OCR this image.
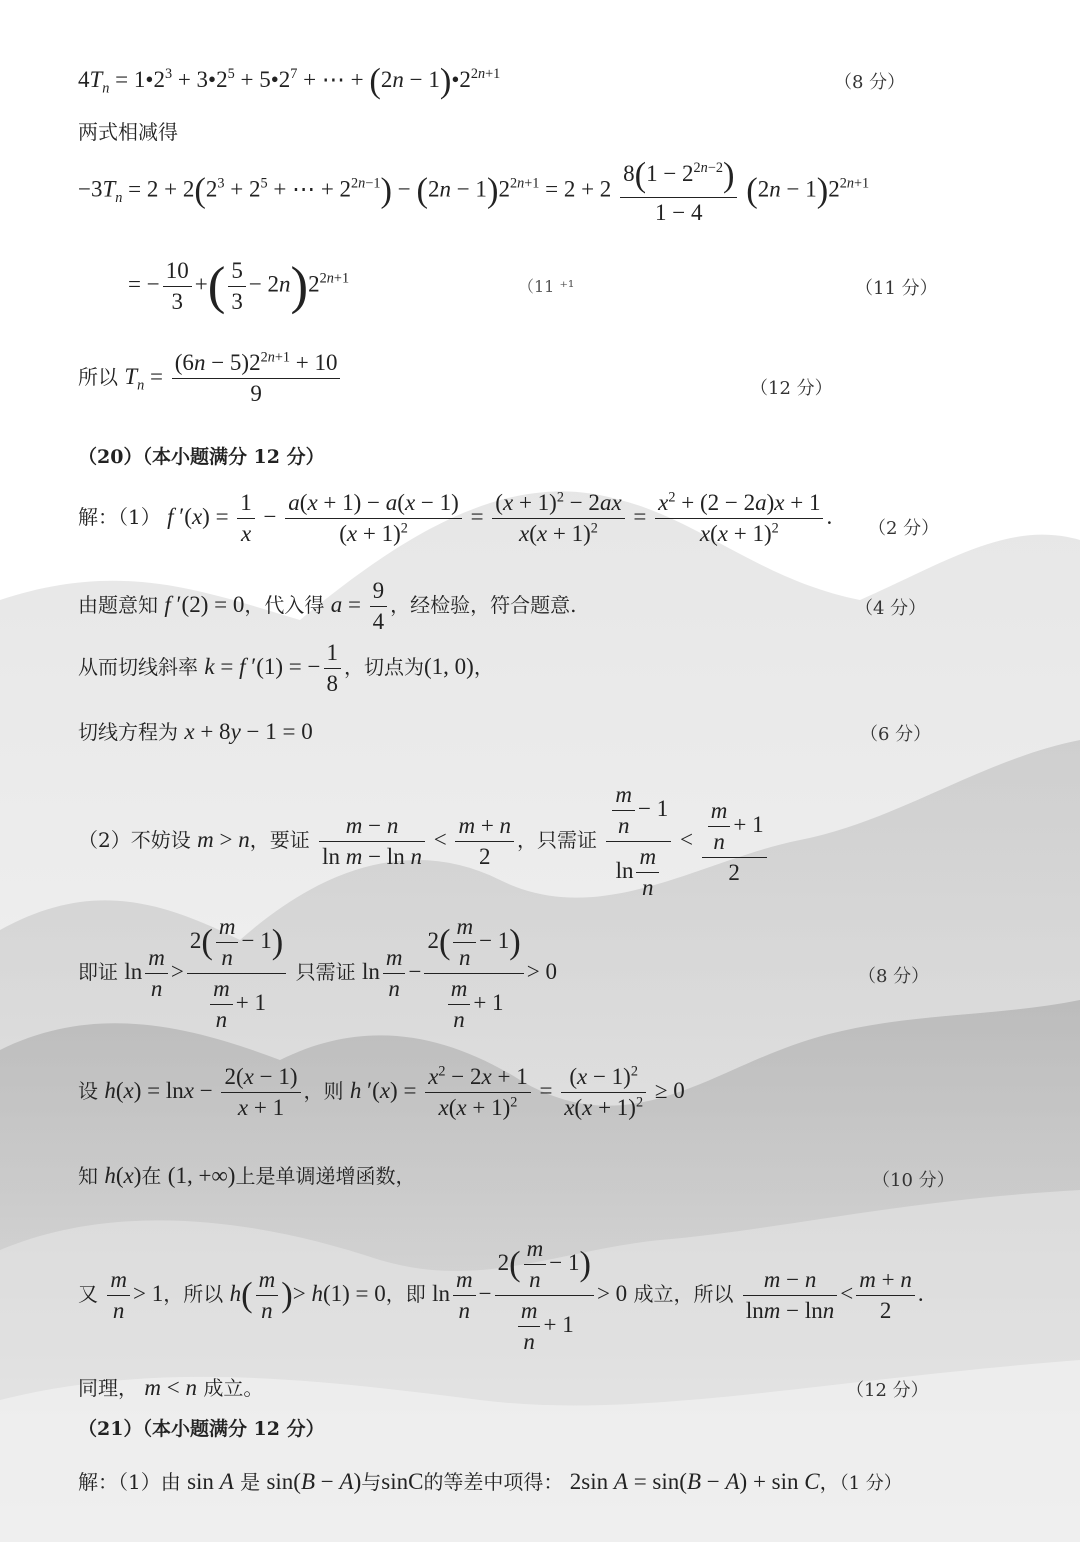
$4T_n$ = $1•2^3$ + $3•2^5$ + $5•2^7$ + ⋯ + $(2n - 1)•2^{2n+1}$	（8 分）
两式相减得
$-3T_n = 2 + 2(2^3 + 2^5$ + ⋯ + $2^{2n-1}) - (2n - 1)2^{2n+1} = 2 + 2 \frac{8(1 - 2^{2n-2})}{1 - 4} (2n - 1)2^{2n+1}$
= − $\frac{10}{3}$ +( $\frac{5}{3} - 2n)2^{2n+1}$	（11 ⁺¹	（11 分）
所以 $T_n = \frac{(6n - 5)2^{2n+1} + 10}{9}$	（12 分）
（20）（本小题满分 12 分）
解：（1） f $'(x) = \frac{1}{x} - \frac{a(x + 1) - a(x - 1)}{(x + 1)^2} = \frac{(x + 1)^2 - 2ax}{x(x + 1)^2} = \frac{x^2 + (2 - 2a)x + 1}{x(x + 1)^2}$ . （2 分）
由题意知 f ′(2) = 0，代入得 $a = \frac{9}{4}$ ，经检验，符合题意.	（4 分）
从而切线斜率 k = f ′(1) = − $\frac{1}{8}$ ，切点为(1, 0)，
切线方程为 x + 8y − 1 = 0	（6 分）
（2）不妨设 m > n，要证 $\frac{m - n}{\text{ln m − ln n}} < \frac{m + n}{2}$ ，只需证 $\frac{\frac{m}{n} - 1}{\ln \frac{m}{n}} < \frac{\frac{m}{n} + 1}{2}$
即证 $\ln \frac{m}{n} > \frac{2( \frac{m}{n} - 1)}{\frac{m}{n} + 1}$ 只需证 $\ln \frac{m}{n} - \frac{2( \frac{m}{n} - 1)}{\frac{m}{n} + 1} > 0$	（8 分）
设 $h(x) = \ln x - \frac{2(x - 1)}{x + 1}$ ，则 h $'(x) = \frac{x^2 - 2x + 1}{x(x + 1)^2} = \frac{(x - 1)^2}{x(x + 1)^2} \ge 0$
知 h(x)在 (1, +∞)上是单调递增函数，	（10 分）
又 $\frac{m}{n} > 1$，所以 $h( \frac{m}{n}$ )> h(1) = 0，即 $\ln \frac{m}{n} - \frac{2( \frac{m}{n} - 1)}{\frac{m}{n} + 1} > 0$ 成立，所以 $\frac{m - n}{\ln m - \ln n} < \frac{m + n}{2}$ .
同理， m < n 成立。	（12 分）
（21）（本小题满分 12 分）
解：（1）由 sin A 是 sin(B − A)与sinC的等差中项得： 2sin A = sin(B − A) + sin C，（1 分）
